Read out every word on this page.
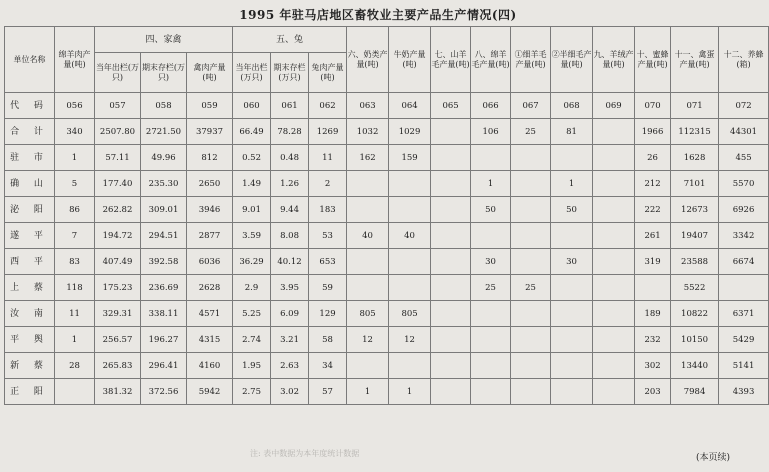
1995 年驻马店地区畜牧业主要产品生产情况(四)
单位名称	绵羊肉产量(吨)	四、家禽			五、兔			六、奶类产量(吨)	牛奶产量(吨)	七、山羊毛产量(吨)	八、绵羊毛产量(吨)	①细羊毛产量(吨)	②半细毛产量(吨)	九、羊绒产量(吨)	十、蜜蜂产量(吨)	十一、禽蛋产量(吨)	十二、养蜂(箱)
		当年出栏(万只)	期末存栏(万只)	禽肉产量(吨)	当年出栏(万只)	期末存栏(万只)	兔肉产量(吨)										
代 码	056	057	058	059	060	061	062	063	064	065	066	067	068	069	070	071	072
合 计	340	2507.80	2721.50	37937	66.49	78.28	1269	1032	1029		106	25	81		1966	112315	44301
驻 市	1	57.11	49.96	812	0.52	0.48	11	162	159						26	1628	455
确 山	5	177.40	235.30	2650	1.49	1.26	2				1		1		212	7101	5570
泌 阳	86	262.82	309.01	3946	9.01	9.44	183				50		50		222	12673	6926
遂 平	7	194.72	294.51	2877	3.59	8.08	53	40	40						261	19407	3342
西 平	83	407.49	392.58	6036	36.29	40.12	653				30		30		319	23588	6674
上 蔡	118	175.23	236.69	2628	2.9	3.95	59				25	25				5522	
汝 南	11	329.31	338.11	4571	5.25	6.09	129	805	805						189	10822	6371
平 舆	1	256.57	196.27	4315	2.74	3.21	58	12	12						232	10150	5429
新 蔡	28	265.83	296.41	4160	1.95	2.63	34								302	13440	5141
正 阳		381.32	372.56	5942	2.75	3.02	57	1	1						203	7984	4393
注: 表中数据为本年度统计数据	(本页续)
